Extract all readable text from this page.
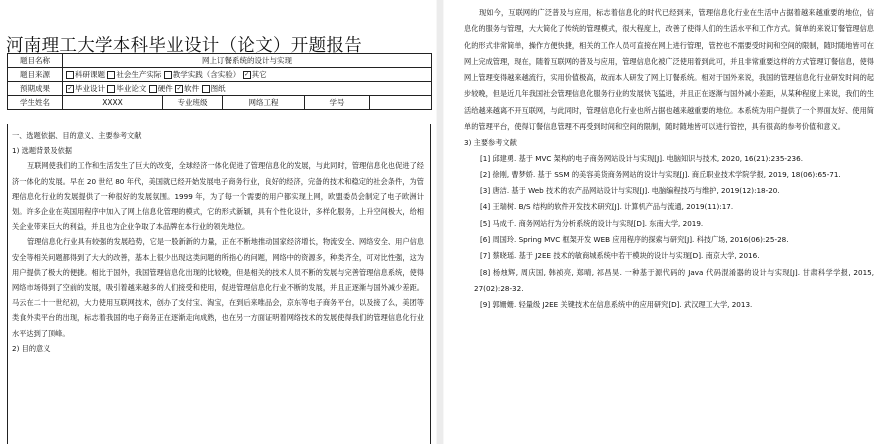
河南理工大学本科毕业设计（论文）开题报告
题目名称	网上订餐系统的设计与实现				
题目来源	科研课题 社会生产实际 教学实践（含实验） ✓ 其它				
预期成果	✓ 毕业设计 毕业论文 硬件 ✓ 软件 图纸				
学生姓名	XXXX	专业班级	网络工程	学号	

一、选题依据、目的意义、主要参考文献

1) 选题背景及依据

互联网使我们的工作和生活发生了巨大的改变，全球经济一体化促进了管理信息化的发展，与此同时，管理信息化也促进了经济一体化的发展。早在 20 世纪 80 年代，美国就已经开始发展电子商务行业，良好的经济，完备的技术和稳定的社会条件，为管理信息化行业的发展提供了一种很好的发展氛围。1999 年，为了每一个需要的用户都实现上网，欧盟委员会制定了电子欧洲计划。许多企业在英国用程序中加入了网上信息化管理的模式，它的形式新颖，具有个性化设计，多样化服务，上升空间极大，给相关企业带来巨大的利益，并且也为企业争取了本品牌在本行业的领先地位。

管理信息化行业具有较强的发展趋势，它是一股新新的力量，正在不断地推动国家经济增长，物流安全、网络安全、用户信息安全等相关问题都得到了大大的改善，基本上很少出现这类问题的所指心的问题，网络中的资源多，种类齐全，可对比性强，这为用户提供了极大的便捷。相比于国外，我国管理信息化出现的比较晚，但是相关的技术人员不断的发展与完善管理信息系统，使得网络市场得到了空前的发展，吸引着越来越多的人们接受和使用，促进管理信息化行业不断的发展，并且正逐渐与国外减少差距。马云在二十一世纪初，大力使用互联网技术，创办了支付宝、淘宝，在到后来唯品会，京东等电子商务平台，以及接了么，美团等类食外卖平台的出现，标志着我国的电子商务正在逐渐走向成熟，也在另一方面证明着网络技术的发展使得我们的管理信息化行业水平达到了顶峰。

2) 目的意义

现如今，互联网的广泛普及与应用，标志着信息化的时代已经到来，管理信息化行业在生活中占据着越来越重要的地位，信息化的服务与管理，大大简化了传统的管理模式，很大程度上，改善了使得人们的生活水平和工作方式。简单的来说订餐管理信息化的形式非常简单，操作方便快捷，相关的工作人员可直接在网上进行管理，管控也不需要受时间和空间的限制，随时随地皆可在网上完成管理，现在，随着互联网的普及与应用，管理信息化被广泛使用着到此可，并且非常重要这样的方式管理订餐信息，使得网上管理变得越来越流行，实用价值极高，故而本人研发了网上订餐系统。相对于国外来说，我国的管理信息化行业研发时间的起步较晚，但是近几年我国社会管理信息化服务行业的发展快飞猛进，并且正在逐渐与国外减小差距，从某种程度上来说，我们的生活给越来越离不开互联网，与此同时，管理信息化行业也所占据也越来越重要的地位。本系统为用户提供了一个界面友好、使用简单的管理平台，使得订餐信息管理不再受到时间和空间的限制，随时随地皆可以进行管控，具有很高的参考价值和意义。

3) 主要参考文献

[1] 邱建勇. 基于 MVC 架构的电子商务网站设计与实现[J]. 电脑知识与技术, 2020, 16(21):235-236.

[2] 徐刚, 曹梦娇. 基于 SSM 的美容美货商务网站的设计与实现[J]. 商丘职业技术学院学报, 2019, 18(06):65-71.

[3] 唐洁. 基于 Web 技术的农产品网站设计与实现[J]. 电脑编程技巧与维护, 2019(12):18-20.

[4] 王瑞树. B/S 结构的软件开发技术研究[J]. 计算机产品与流通, 2019(11):17.

[5] 马成千. 商务网站行为分析系统的设计与实现[D]. 东南大学, 2019.

[6] 周国玲. Spring MVC 框架开发 WEB 应用程序的探索与研究[J]. 科技广场, 2016(06):25-28.

[7] 蔡晓瑶. 基于 J2EE 技术的敏商城系统中若干模块的设计与实现[D]. 南京大学, 2016.

[8] 杨烛辉, 周庆国, 韩祯亮, 郑晴, 祁昌昊. 一种基于源代码的 Java 代码混淆器的设计与实现[J]. 甘肃科学学报, 2015, 27(02):28-32.

[9] 郭姗姗. 轻量级 J2EE 关键技术在信息系统中的应用研究[D]. 武汉理工大学, 2013.
